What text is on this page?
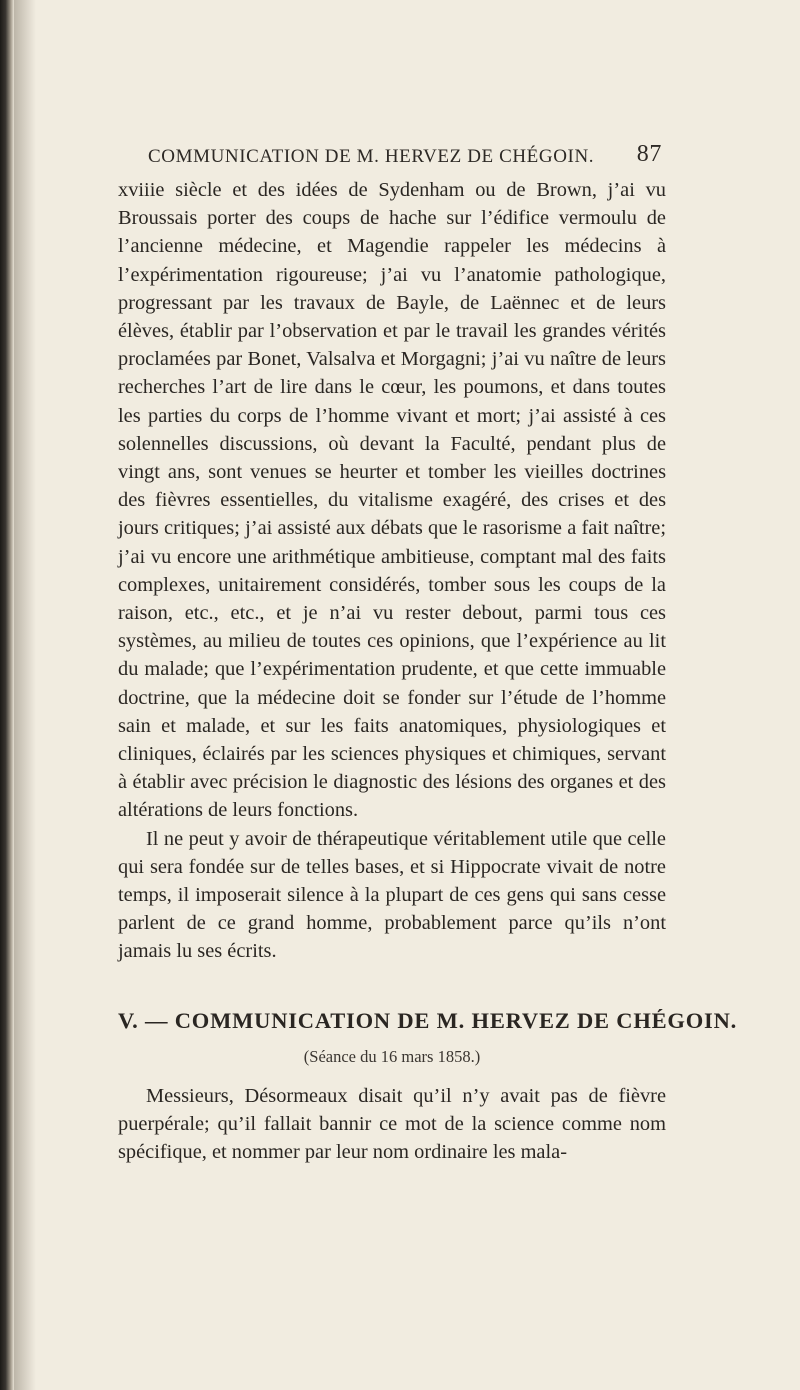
COMMUNICATION DE M. HERVEZ DE CHÉGOIN. 87

xviiie siècle et des idées de Sydenham ou de Brown, j’ai vu Broussais porter des coups de hache sur l’édifice vermoulu de l’ancienne médecine, et Magendie rappeler les médecins à l’expérimentation rigoureuse; j’ai vu l’anatomie pathologique, progressant par les travaux de Bayle, de Laënnec et de leurs élèves, établir par l’observation et par le travail les grandes vérités proclamées par Bonet, Valsalva et Morgagni; j’ai vu naître de leurs recherches l’art de lire dans le cœur, les poumons, et dans toutes les parties du corps de l’homme vivant et mort; j’ai assisté à ces solennelles discussions, où devant la Faculté, pendant plus de vingt ans, sont venues se heurter et tomber les vieilles doctrines des fièvres essentielles, du vitalisme exagéré, des crises et des jours critiques; j’ai assisté aux débats que le rasorisme a fait naître; j’ai vu encore une arithmétique ambitieuse, comptant mal des faits complexes, unitairement considérés, tomber sous les coups de la raison, etc., etc., et je n’ai vu rester debout, parmi tous ces systèmes, au milieu de toutes ces opinions, que l’expérience au lit du malade; que l’expérimentation prudente, et que cette immuable doctrine, que la médecine doit se fonder sur l’étude de l’homme sain et malade, et sur les faits anatomiques, physiologiques et cliniques, éclairés par les sciences physiques et chimiques, servant à établir avec précision le diagnostic des lésions des organes et des altérations de leurs fonctions.

Il ne peut y avoir de thérapeutique véritablement utile que celle qui sera fondée sur de telles bases, et si Hippocrate vivait de notre temps, il imposerait silence à la plupart de ces gens qui sans cesse parlent de ce grand homme, probablement parce qu’ils n’ont jamais lu ses écrits.

V. — COMMUNICATION DE M. HERVEZ DE CHÉGOIN.
(Séance du 16 mars 1858.)

Messieurs, Désormeaux disait qu’il n’y avait pas de fièvre puerpérale; qu’il fallait bannir ce mot de la science comme nom spécifique, et nommer par leur nom ordinaire les mala-
